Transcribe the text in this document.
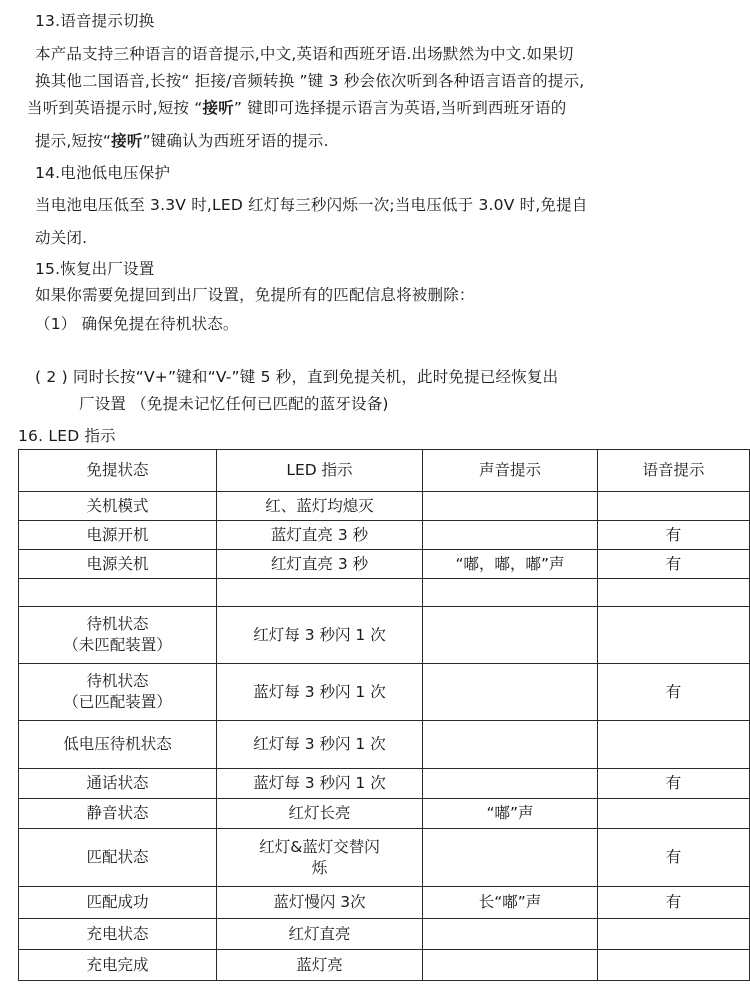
13.语音提示切换
本产品支持三种语言的语音提示,中文,英语和西班牙语.出场默然为中文.如果切
换其他二国语音,长按“ 拒接/音频转换 ”键 3 秒会依次听到各种语言语音的提示,
当听到英语提示时,短按 “接听” 键即可选择提示语言为英语,当听到西班牙语的
提示,短按“接听”键确认为西班牙语的提示.
14.电池低电压保护
当电池电压低至 3.3V 时,LED 红灯每三秒闪烁一次;当电压低于 3.0V 时,免提自
动关闭.
15.恢复出厂设置
如果你需要免提回到出厂设置，免提所有的匹配信息将被删除：
（1） 确保免提在待机状态。
( 2 ) 同时长按“V+”键和“V-”键 5 秒，直到免提关机，此时免提已经恢复出
厂设置 （免提未记忆任何已匹配的蓝牙设备)
16. LED 指示
免提状态	LED 指示	声音提示	语音提示
关机模式	红、蓝灯均熄灭		
电源开机	蓝灯直亮 3 秒		有
电源关机	红灯直亮 3 秒	“嘟，嘟，嘟”声	有

待机状态
（未匹配装置）	红灯每 3 秒闪 1 次		

待机状态
（已匹配装置）	蓝灯每 3 秒闪 1 次		有
低电压待机状态	红灯每 3 秒闪 1 次		
通话状态	蓝灯每 3 秒闪 1 次		有
静音状态	红灯长亮	“嘟”声	
匹配状态	红灯&蓝灯交替闪
烁		有
匹配成功	蓝灯慢闪 3次	长“嘟”声	有
充电状态	红灯直亮		
充电完成	蓝灯亮		
